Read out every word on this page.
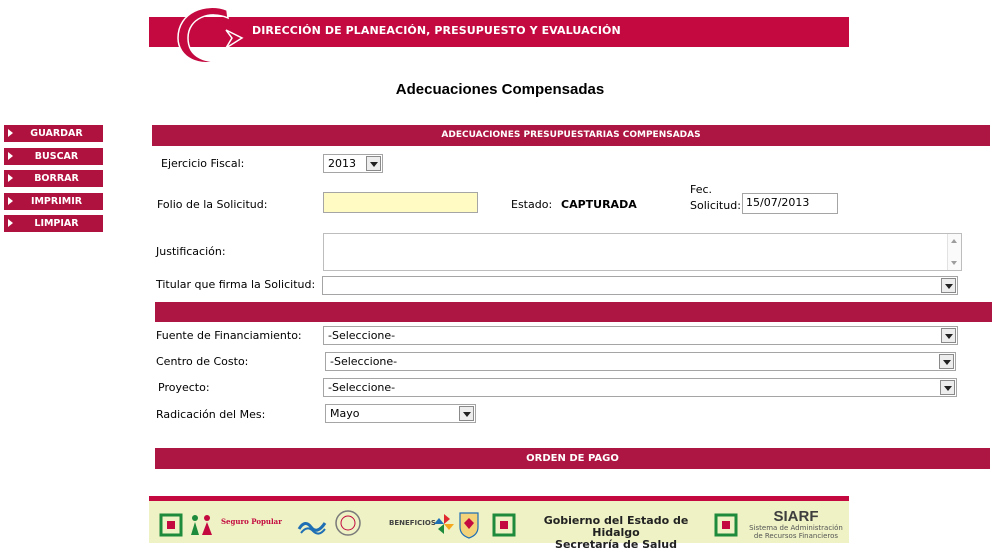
DIRECCIÓN DE PLANEACIÓN, PRESUPUESTO Y EVALUACIÓN
Adecuaciones Compensadas
GUARDAR
BUSCAR
BORRAR
IMPRIMIR
LIMPIAR
ADECUACIONES PRESUPUESTARIAS COMPENSADAS
Ejercicio Fiscal:	2013
Folio de la Solicitud:	Estado: CAPTURADA
Fec.
Solicitud: 15/07/2013
Justificación:
Titular que firma la Solicitud:
Fuente de Financiamiento:	-Seleccione-
Centro de Costo:	-Seleccione-
Proyecto:	-Seleccione-
Radicación del Mes:	Mayo
ORDEN DE PAGO
Seguro Popular	BENEFICIOS	Gobierno del Estado de Hidalgo
Secretaría de Salud
SIARF
Sistema de Administración
de Recursos Financieros
